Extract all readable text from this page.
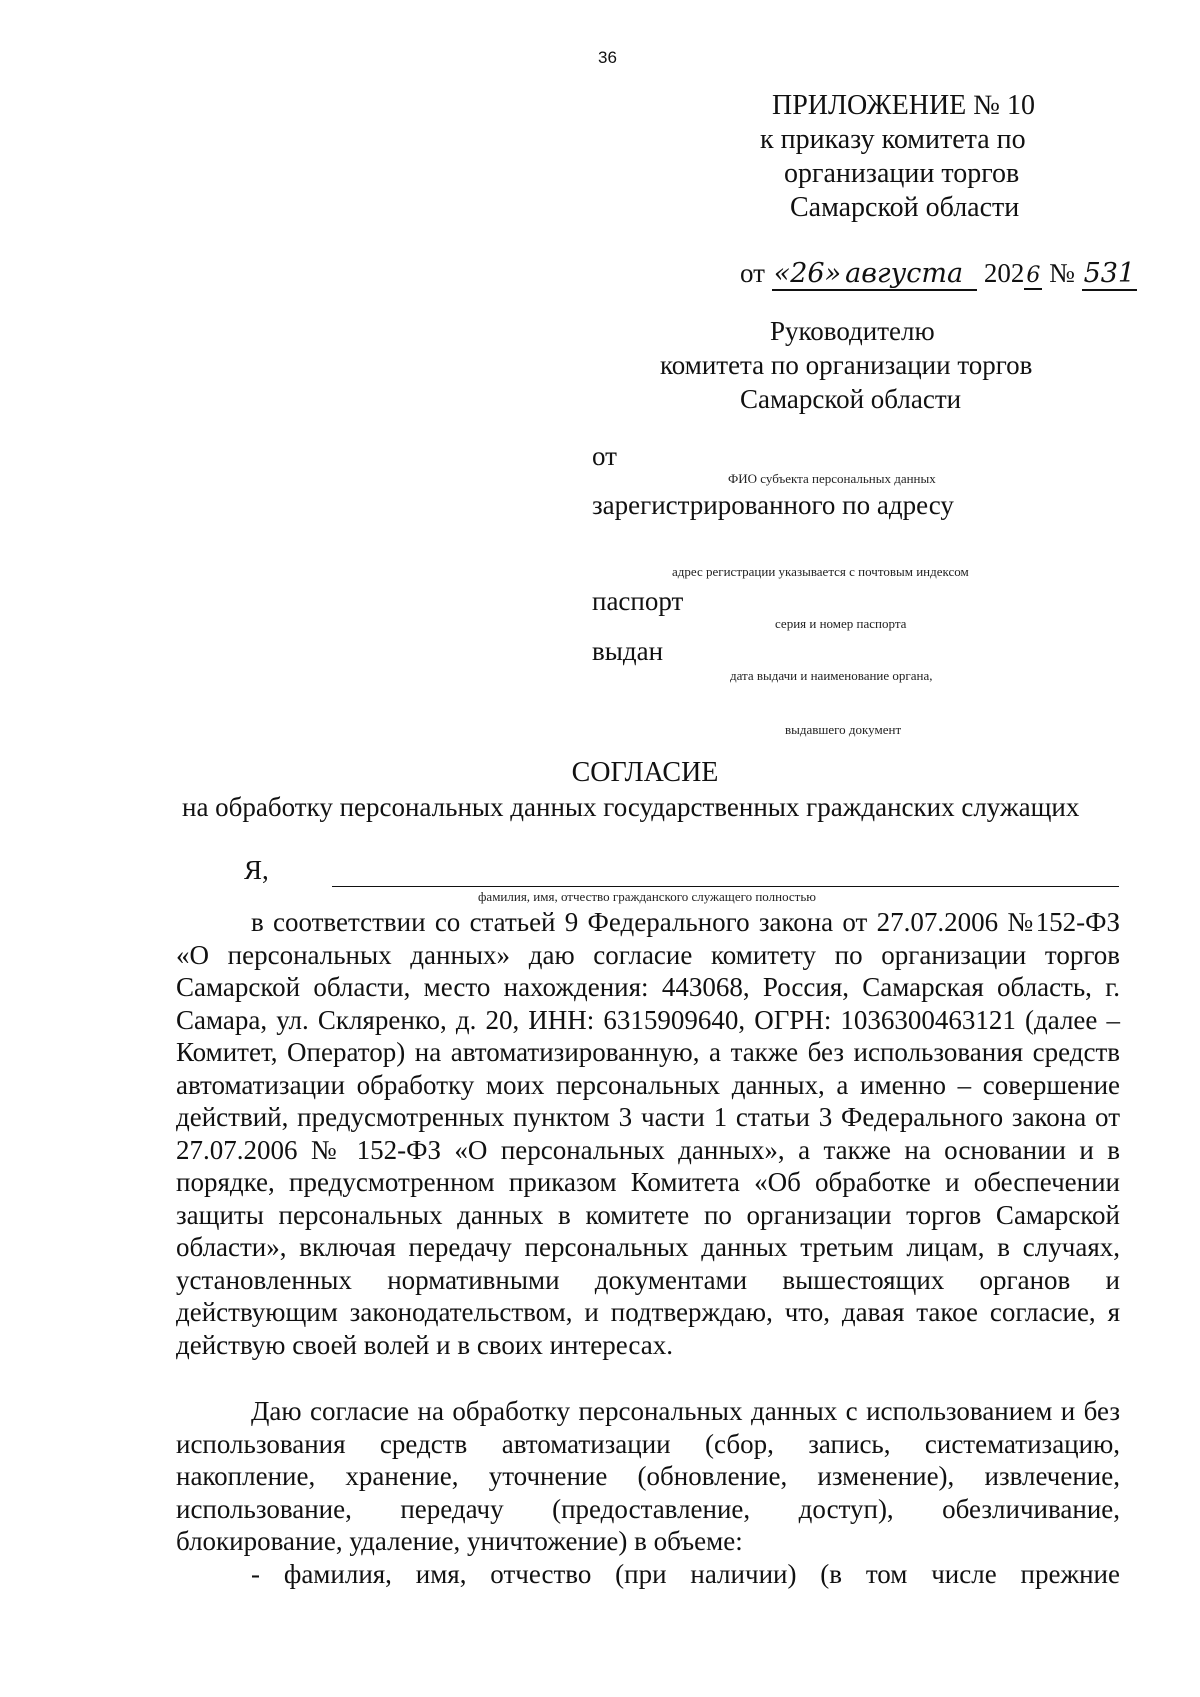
36
ПРИЛОЖЕНИЕ № 10
к приказу комитета по
организации торгов
Самарской области
от «26» августа 2026 № 531
Руководителю
комитета по организации торгов
Самарской области
от
ФИО субъекта персональных данных
зарегистрированного по адресу
адрес регистрации указывается с почтовым индексом
паспорт
серия и номер паспорта
выдан
дата выдачи и наименование органа,
выдавшего документ
СОГЛАСИЕ
на обработку персональных данных государственных гражданских служащих
Я,
фамилия, имя, отчество гражданского служащего полностью
в соответствии со статьей 9 Федерального закона от 27.07.2006 №152-ФЗ «О персональных данных» даю согласие комитету по организации торгов Самарской области, место нахождения: 443068, Россия, Самарская область, г. Самара, ул. Скляренко, д. 20, ИНН: 6315909640, ОГРН: 1036300463121 (далее – Комитет, Оператор) на автоматизированную, а также без использования средств автоматизации обработку моих персональных данных, а именно – совершение действий, предусмотренных пунктом 3 части 1 статьи 3 Федерального закона от 27.07.2006 № 152-ФЗ «О персональных данных», а также на основании и в порядке, предусмотренном приказом Комитета «Об обработке и обеспечении защиты персональных данных в комитете по организации торгов Самарской области», включая передачу персональных данных третьим лицам, в случаях, установленных нормативными документами вышестоящих органов и действующим законодательством, и подтверждаю, что, давая такое согласие, я действую своей волей и в своих интересах.
Даю согласие на обработку персональных данных с использованием и без использования средств автоматизации (сбор, запись, систематизацию, накопление, хранение, уточнение (обновление, изменение), извлечение, использование, передачу (предоставление, доступ), обезличивание, блокирование, удаление, уничтожение) в объеме:
- фамилия, имя, отчество (при наличии) (в том числе прежние
